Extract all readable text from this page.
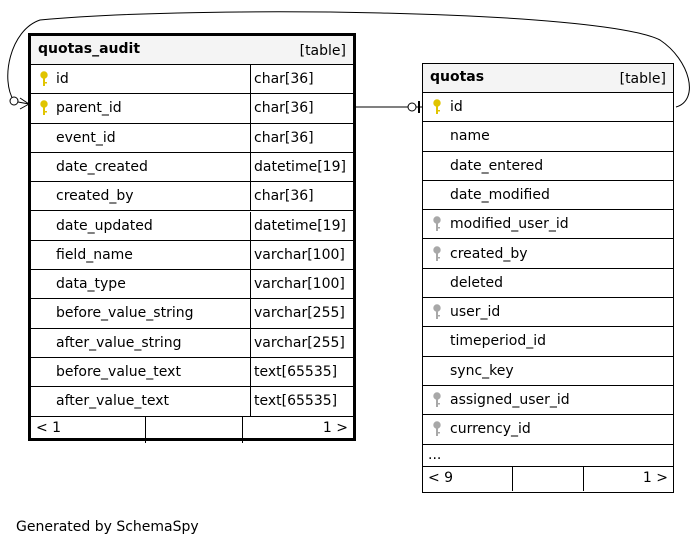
quotas_audit	[table]
id	char[36]
parent_id	char[36]
event_id	char[36]
date_created	datetime[19]
created_by	char[36]
date_updated	datetime[19]
field_name	varchar[100]
data_type	varchar[100]
before_value_string	varchar[255]
after_value_string	varchar[255]
before_value_text	text[65535]
after_value_text	text[65535]
< 1	1 >
quotas	[table]
id
name
date_entered
date_modified
modified_user_id
created_by
deleted
user_id
timeperiod_id
sync_key
assigned_user_id
currency_id
...
< 9	1 >
Generated by SchemaSpy
